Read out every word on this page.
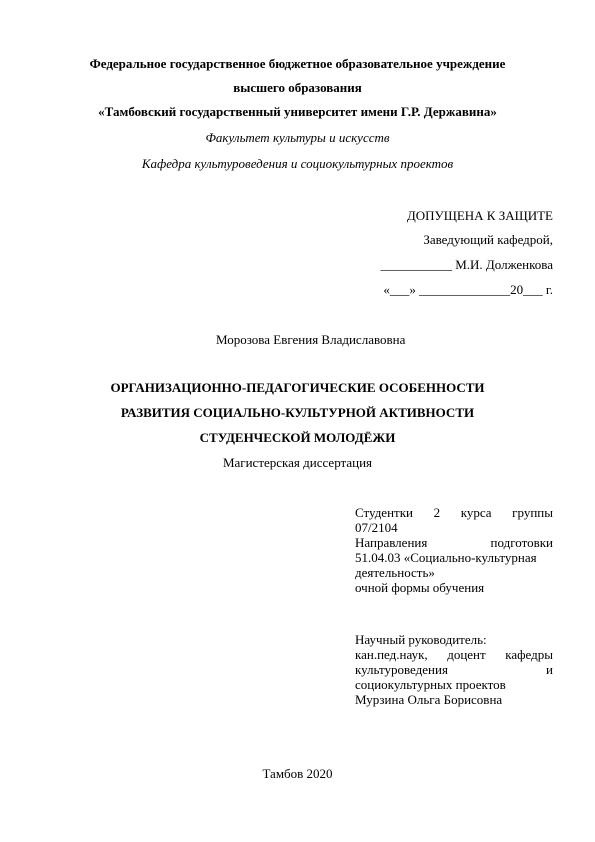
Федеральное государственное бюджетное образовательное учреждение
высшего образования
«Тамбовский государственный университет имени Г.Р. Державина»
Факультет культуры и искусств
Кафедра культуроведения и социокультурных проектов
ДОПУЩЕНА К ЗАЩИТЕ
Заведующий кафедрой,
___________ М.И. Долженкова
«___» ______________20___ г.
Морозова Евгения Владиславовна
ОРГАНИЗАЦИОННО-ПЕДАГОГИЧЕСКИЕ ОСОБЕННОСТИ
РАЗВИТИЯ СОЦИАЛЬНО-КУЛЬТУРНОЙ АКТИВНОСТИ
СТУДЕНЧЕСКОЙ МОЛОДЁЖИ
Магистерская диссертация
Студентки 2 курса группы
07/2104
Направления	подготовки
51.04.03 «Социально-культурная
деятельность»
очной формы обучения
Научный руководитель:
кан.пед.наук, доцент кафедры
культуроведения	и
социокультурных проектов
Мурзина Ольга Борисовна
Тамбов 2020
